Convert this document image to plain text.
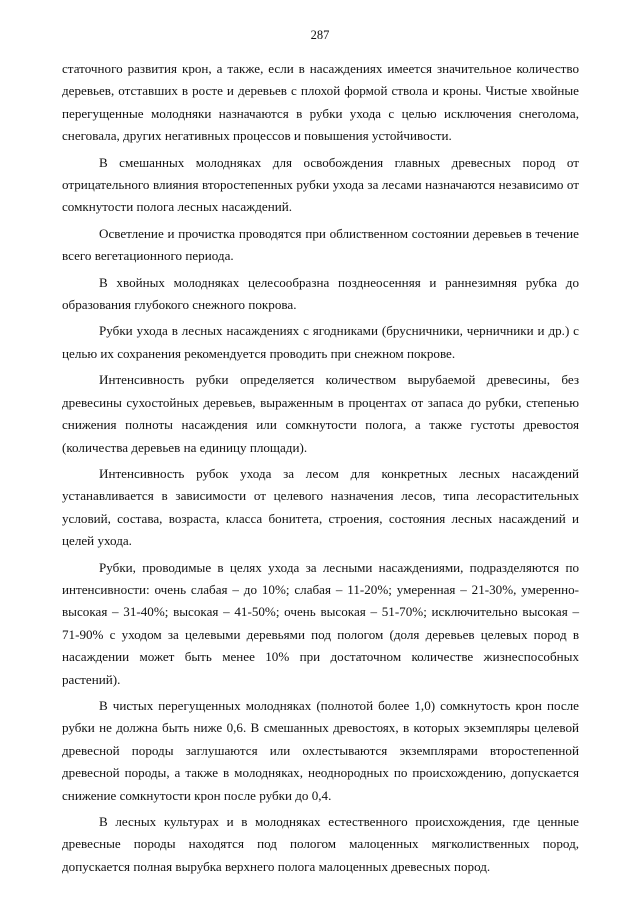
287

статочного развития крон, а также, если в насаждениях имеется значительное количество деревьев, отставших в росте и деревьев с плохой формой ствола и кроны. Чистые хвойные перегущенные молодняки назначаются в рубки ухода с целью исключения снеголома, снеговала, других негативных процессов и повышения устойчивости.

В смешанных молодняках для освобождения главных древесных пород от отрицательного влияния второстепенных рубки ухода за лесами назначаются независимо от сомкнутости полога лесных насаждений.

Осветление и прочистка проводятся при облиственном состоянии деревьев в течение всего вегетационного периода.

В хвойных молодняках целесообразна позднеосенняя и раннезимняя рубка до образования глубокого снежного покрова.

Рубки ухода в лесных насаждениях с ягодниками (брусничники, черничники и др.) с целью их сохранения рекомендуется проводить при снежном покрове.

Интенсивность рубки определяется количеством вырубаемой древесины, без древесины сухостойных деревьев, выраженным в процентах от запаса до рубки, степенью снижения полноты насаждения или сомкнутости полога, а также густоты древостоя (количества деревьев на единицу площади).

Интенсивность рубок ухода за лесом для конкретных лесных насаждений устанавливается в зависимости от целевого назначения лесов, типа лесорастительных условий, состава, возраста, класса бонитета, строения, состояния лесных насаждений и целей ухода.

Рубки, проводимые в целях ухода за лесными насаждениями, подразделяются по интенсивности: очень слабая – до 10%; слабая – 11-20%; умеренная – 21-30%, умеренно-высокая – 31-40%; высокая – 41-50%; очень высокая – 51-70%; исключительно высокая – 71-90% с уходом за целевыми деревьями под пологом (доля деревьев целевых пород в насаждении может быть менее 10% при достаточном количестве жизнеспособных растений).

В чистых перегущенных молодняках (полнотой более 1,0) сомкнутость крон после рубки не должна быть ниже 0,6. В смешанных древостоях, в которых экземпляры целевой древесной породы заглушаются или охлестываются экземплярами второстепенной древесной породы, а также в молодняках, неоднородных по происхождению, допускается снижение сомкнутости крон после рубки до 0,4.

В лесных культурах и в молодняках естественного происхождения, где ценные древесные породы находятся под пологом малоценных мягколиственных пород, допускается полная вырубка верхнего полога малоценных древесных пород.
